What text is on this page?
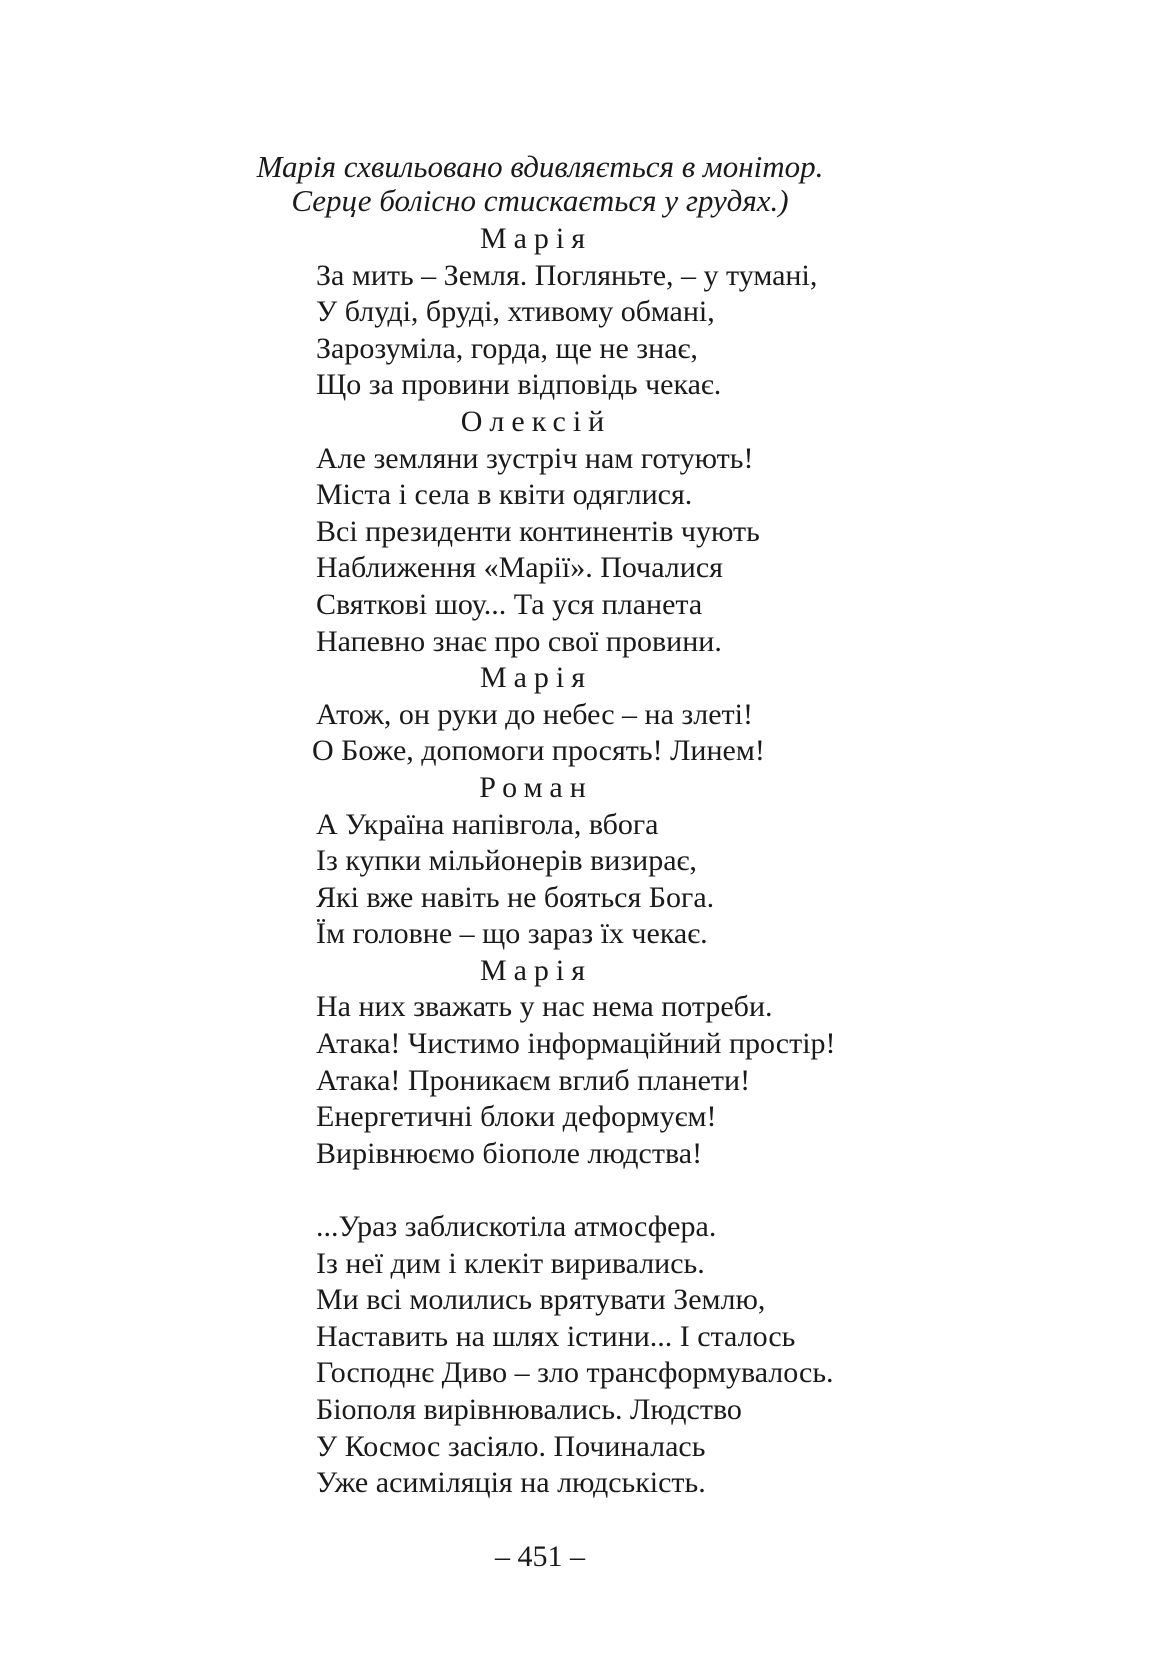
Марія схвильовано вдивляється в монітор.
Серце болісно стискається у грудях.)
Марія
За мить – Земля. Погляньте, – у тумані,
У блуді, бруді, хтивому обмані,
Зарозуміла, горда, ще не знає,
Що за провини відповідь чекає.
Олексій
Але земляни зустріч нам готують!
Міста і села в квіти одяглися.
Всі президенти континентів чують
Наближення «Марії». Почалися
Святкові шоу... Та уся планета
Напевно знає про свої провини.
Марія
Атож, он руки до небес – на злеті!
О Боже, допомоги просять! Линем!
Роман
А Україна напівгола, вбога
Із купки мільйонерів визирає,
Які вже навіть не бояться Бога.
Їм головне – що зараз їх чекає.
Марія
На них зважать у нас нема потреби.
Атака! Чистимо інформаційний простір!
Атака! Проникаєм вглиб планети!
Енергетичні блоки деформуєм!
Вирівнюємо біополе людства!
...Ураз заблискотіла атмосфера.
Із неї дим і клекіт виривались.
Ми всі молились врятувати Землю,
Наставить на шлях істини... І сталось
Господнє Диво – зло трансформувалось.
Біополя вирівнювались. Людство
У Космос засіяло. Починалась
Уже асиміляція на людськість.
– 451 –
